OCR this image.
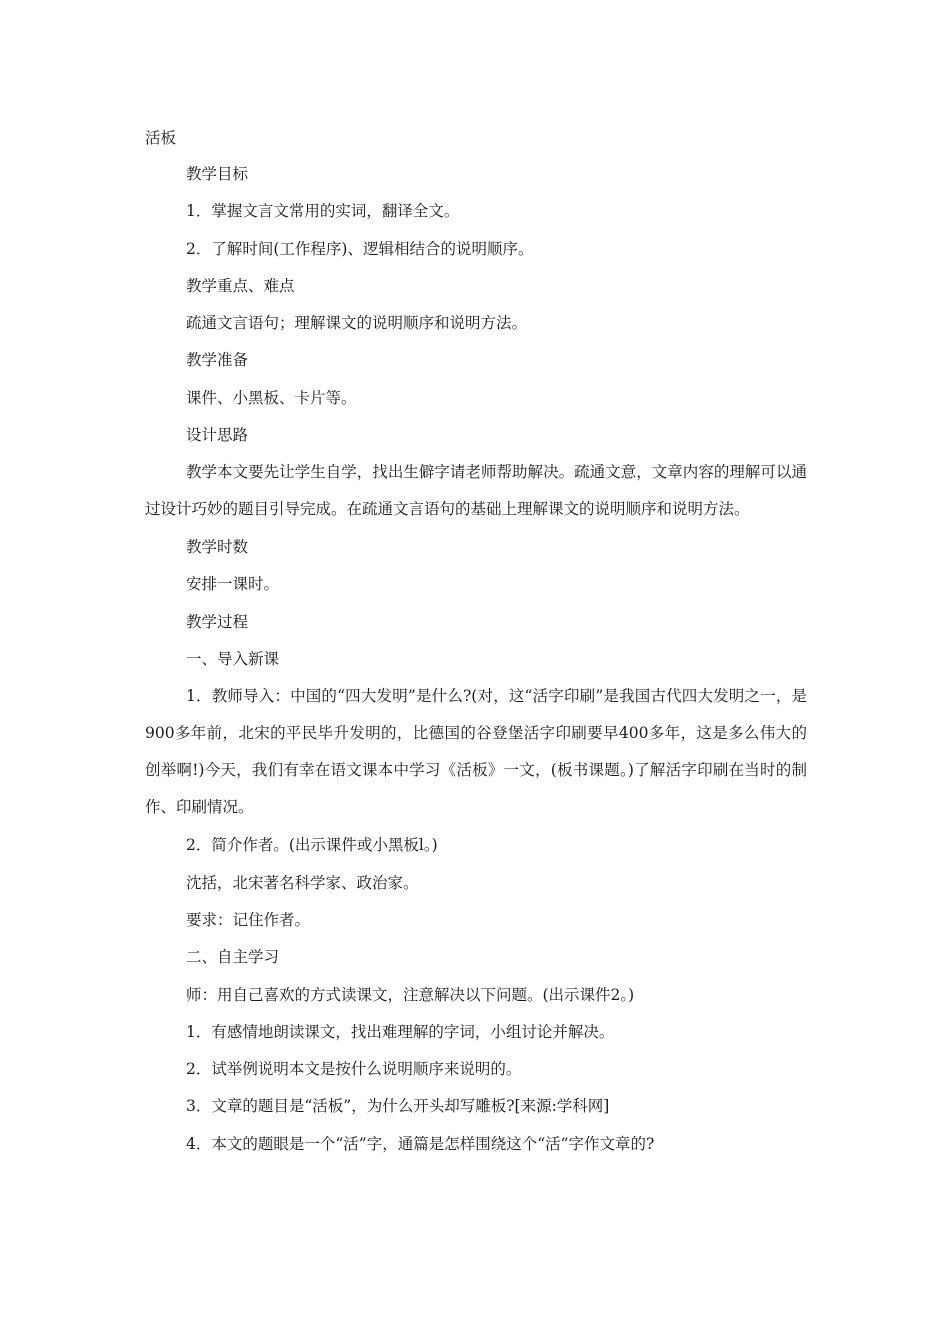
活板
教学目标
1．掌握文言文常用的实词，翻译全文。
2．了解时间(工作程序)、逻辑相结合的说明顺序。
教学重点、难点
疏通文言语句；理解课文的说明顺序和说明方法。
教学准备
课件、小黑板、卡片等。
设计思路
教学本文要先让学生自学，找出生僻字请老师帮助解决。疏通文意，文章内容的理解可以通过设计巧妙的题目引导完成。在疏通文言语句的基础上理解课文的说明顺序和说明方法。
教学时数
安排一课时。
教学过程
一、导入新课
1．教师导入：中国的“四大发明”是什么?(对，这“活字印刷”是我国古代四大发明之一，是900多年前，北宋的平民毕升发明的，比德国的谷登堡活字印刷要早400多年，这是多么伟大的创举啊!)今天，我们有幸在语文课本中学习《活板》一文，(板书课题。)了解活字印刷在当时的制作、印刷情况。
2．简介作者。(出示课件或小黑板l。)
沈括，北宋著名科学家、政治家。
要求：记住作者。
二、自主学习
师：用自己喜欢的方式读课文，注意解决以下问题。(出示课件2。)
1．有感情地朗读课文，找出难理解的字词，小组讨论并解决。
2．试举例说明本文是按什么说明顺序来说明的。
3．文章的题目是“活板”，为什么开头却写雕板?[来源:学科网]
4．本文的题眼是一个“活”字，通篇是怎样围绕这个“活”字作文章的?
